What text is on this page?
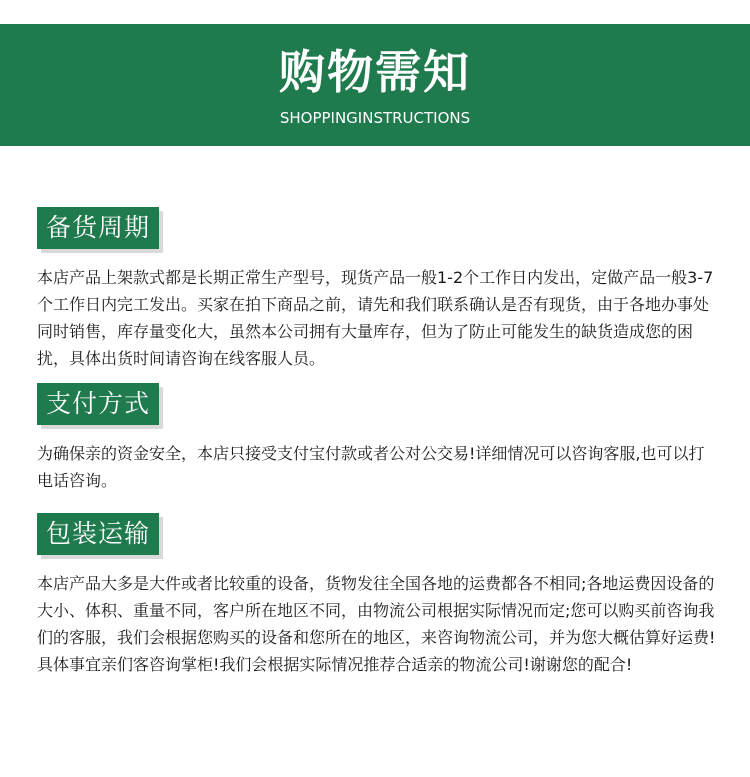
购物需知
SHOPPINGINSTRUCTIONS
备货周期
本店产品上架款式都是长期正常生产型号，现货产品一般1-2个工作日内发出，定做产品一般3-7个工作日内完工发出。买家在拍下商品之前，请先和我们联系确认是否有现货，由于各地办事处同时销售，库存量变化大，虽然本公司拥有大量库存，但为了防止可能发生的缺货造成您的困扰，具体出货时间请咨询在线客服人员。
支付方式
为确保亲的资金安全，本店只接受支付宝付款或者公对公交易!详细情况可以咨询客服,也可以打电话咨询。
包装运输
本店产品大多是大件或者比较重的设备，货物发往全国各地的运费都各不相同;各地运费因设备的大小、体积、重量不同，客户所在地区不同，由物流公司根据实际情况而定;您可以购买前咨询我们的客服，我们会根据您购买的设备和您所在的地区，来咨询物流公司，并为您大概估算好运费!具体事宜亲们客咨询掌柜!我们会根据实际情况推荐合适亲的物流公司!谢谢您的配合!
